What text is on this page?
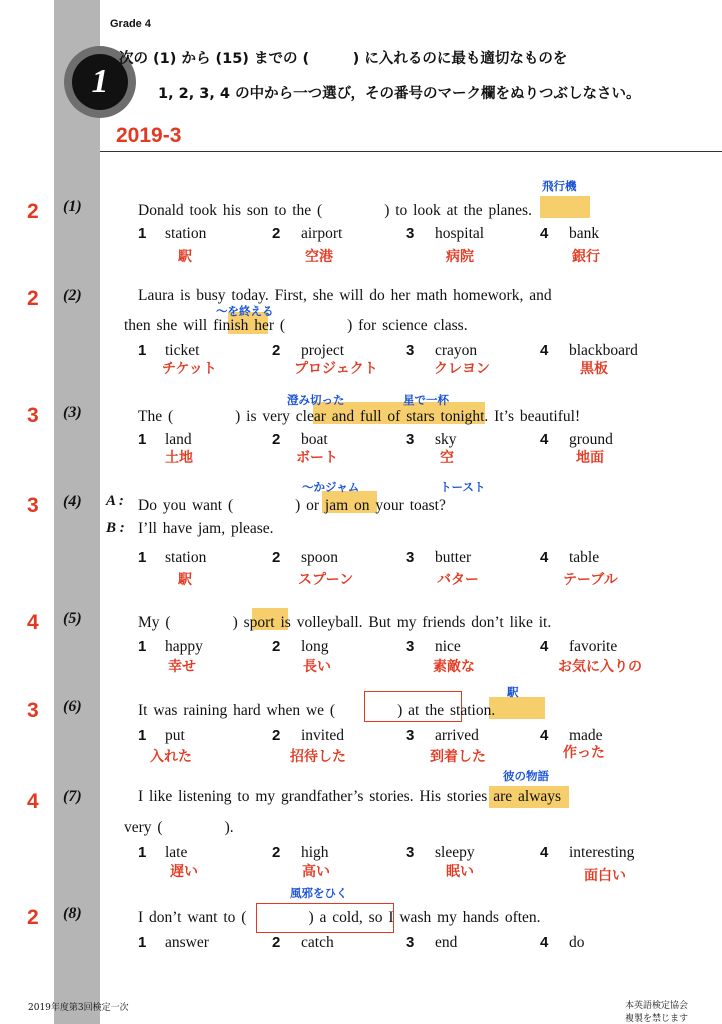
Grade 4
1
次の (1) から (15) までの (　　　) に入れるのに最も適切なものを
1, 2, 3, 4 の中から一つ選び，その番号のマーク欄をぬりつぶしなさい。
2019-3
2 (1)	Donald took his son to the (　　　　) to look at the planes.
飛行機
1 station	2 airport	3 hospital	4 bank
駅	空港	病院	銀行
2 (2)	Laura is busy today. First, she will do her math homework, and
then she will finish her (　　　　) for science class.
〜を終える
1 ticket	2 project	3 crayon	4 blackboard
チケット	プロジェクト	クレヨン	黒板
3 (3)	The (　　　　) is very clear and full of stars tonight. It’s beautiful!
澄み切った	星で一杯
1 land	2 boat	3 sky	4 ground
土地	ボート	空	地面
3 (4) A :
B :
Do you want (　　　　) or jam on your toast?
I’ll have jam, please.
〜かジャム	トースト
1 station	2 spoon	3 butter	4 table
駅	スプーン	バター	テーブル
4 (5)	My (　　　　) sport is volleyball. But my friends don’t like it.
1 happy	2 long	3 nice	4 favorite
幸せ	長い	素敵な	お気に入りの
3 (6)	It was raining hard when we (　　　　) at the station.
駅
1 put	2 invited	3 arrived	4 made
入れた	招待した	到着した	作った
4 (7)	I like listening to my grandfather’s stories. His stories are always
very (　　　　).
彼の物語
1 late	2 high	3 sleepy	4 interesting
遅い	高い	眠い	面白い
2 (8)	I don’t want to (　　　　) a cold, so I wash my hands often.
風邪をひく
1 answer	2 catch	3 end	4 do
2019年度第3回検定一次	本英語検定協会
複製を禁じます
